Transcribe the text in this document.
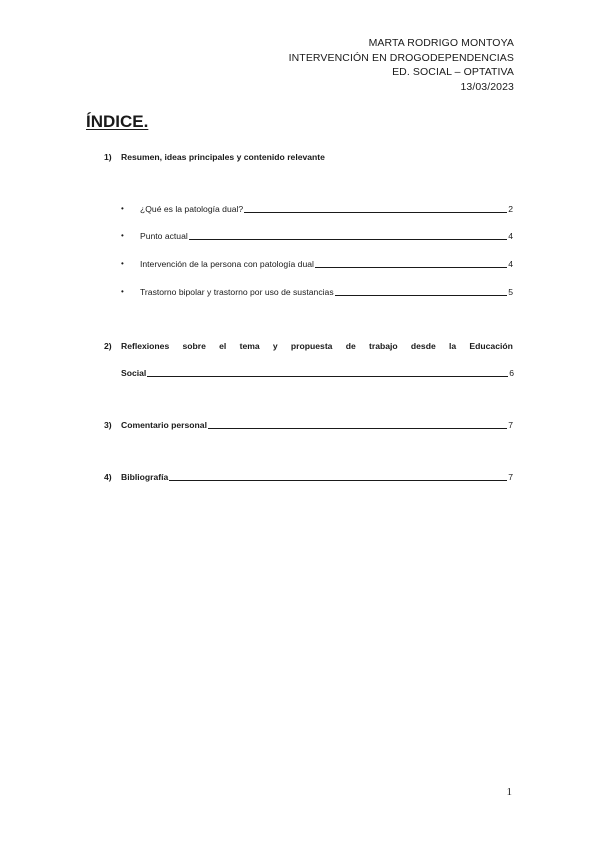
MARTA RODRIGO MONTOYA
INTERVENCIÓN EN DROGODEPENDENCIAS
ED. SOCIAL – OPTATIVA
13/03/2023
ÍNDICE.
1) Resumen, ideas principales y contenido relevante
• ¿Qué es la patología dual?	2
• Punto actual	4
• Intervención de la persona con patología dual	4
• Trastorno bipolar y trastorno por uso de sustancias	5
2) Reflexiones sobre el tema y propuesta de trabajo desde la Educación
Social	6
3) Comentario personal	7
4) Bibliografía	7
1
